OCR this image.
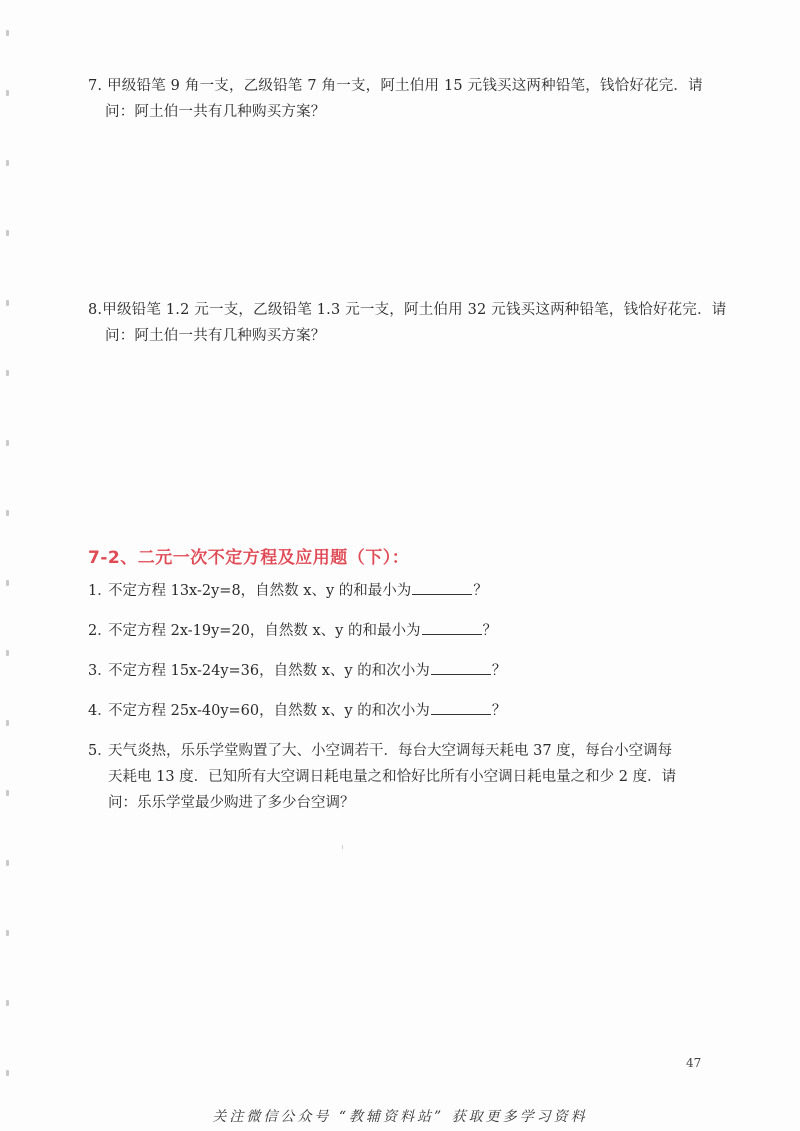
7. 甲级铅笔 9 角一支，乙级铅笔 7 角一支，阿土伯用 15 元钱买这两种铅笔，钱恰好花完．请
问：阿土伯一共有几种购买方案？
8.甲级铅笔 1.2 元一支，乙级铅笔 1.3 元一支，阿土伯用 32 元钱买这两种铅笔，钱恰好花完．请
问：阿土伯一共有几种购买方案？
7-2、二元一次不定方程及应用题（下）：
1．不定方程 13x-2y=8，自然数 x、y 的和最小为	？
2．不定方程 2x-19y=20，自然数 x、y 的和最小为	？
3．不定方程 15x-24y=36，自然数 x、y 的和次小为	？
4．不定方程 25x-40y=60，自然数 x、y 的和次小为	？
5．天气炎热，乐乐学堂购置了大、小空调若干．每台大空调每天耗电 37 度，每台小空调每
天耗电 13 度．已知所有大空调日耗电量之和恰好比所有小空调日耗电量之和少 2 度．请
问：乐乐学堂最少购进了多少台空调？
47
关注微信公众号 “教辅资料站” 获取更多学习资料
